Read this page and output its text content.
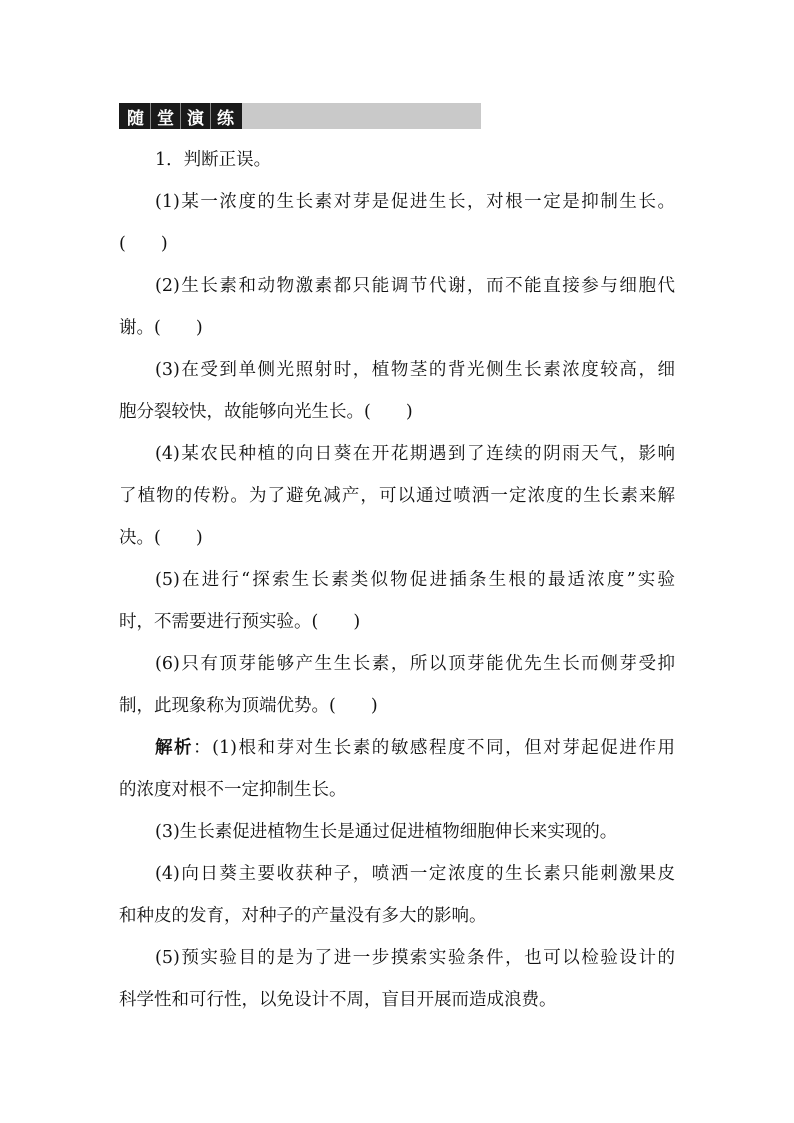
随 堂 演 练
1．判断正误。
(1)某一浓度的生长素对芽是促进生长，对根一定是抑制生长。
(　　)
(2)生长素和动物激素都只能调节代谢，而不能直接参与细胞代
谢。(　　)
(3)在受到单侧光照射时，植物茎的背光侧生长素浓度较高，细
胞分裂较快，故能够向光生长。(　　)
(4)某农民种植的向日葵在开花期遇到了连续的阴雨天气，影响
了植物的传粉。为了避免减产，可以通过喷洒一定浓度的生长素来解
决。(　　)
(5)在进行“探索生长素类似物促进插条生根的最适浓度”实验
时，不需要进行预实验。(　　)
(6)只有顶芽能够产生生长素，所以顶芽能优先生长而侧芽受抑
制，此现象称为顶端优势。(　　)
解析：(1)根和芽对生长素的敏感程度不同，但对芽起促进作用
的浓度对根不一定抑制生长。
(3)生长素促进植物生长是通过促进植物细胞伸长来实现的。
(4)向日葵主要收获种子，喷洒一定浓度的生长素只能刺激果皮
和种皮的发育，对种子的产量没有多大的影响。
(5)预实验目的是为了进一步摸索实验条件，也可以检验设计的
科学性和可行性，以免设计不周，盲目开展而造成浪费。
